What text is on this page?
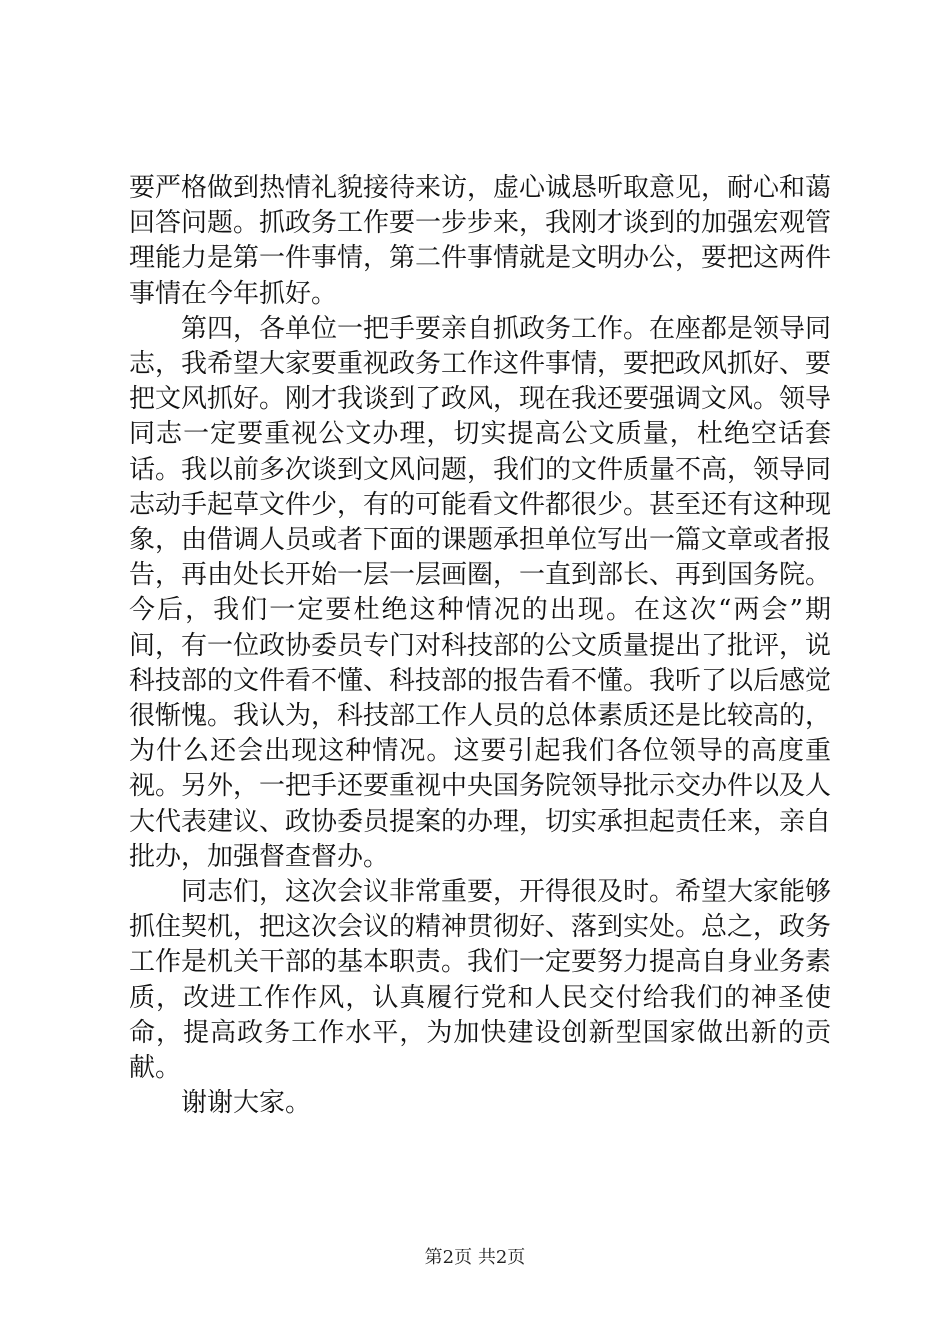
要严格做到热情礼貌接待来访，虚心诚恳听取意见，耐心和蔼回答问题。抓政务工作要一步步来，我刚才谈到的加强宏观管理能力是第一件事情，第二件事情就是文明办公，要把这两件事情在今年抓好。

第四，各单位一把手要亲自抓政务工作。在座都是领导同志，我希望大家要重视政务工作这件事情，要把政风抓好、要把文风抓好。刚才我谈到了政风，现在我还要强调文风。领导同志一定要重视公文办理，切实提高公文质量，杜绝空话套话。我以前多次谈到文风问题，我们的文件质量不高，领导同志动手起草文件少，有的可能看文件都很少。甚至还有这种现象，由借调人员或者下面的课题承担单位写出一篇文章或者报告，再由处长开始一层一层画圈，一直到部长、再到国务院。今后，我们一定要杜绝这种情况的出现。在这次“两会”期间，有一位政协委员专门对科技部的公文质量提出了批评，说科技部的文件看不懂、科技部的报告看不懂。我听了以后感觉很惭愧。我认为，科技部工作人员的总体素质还是比较高的，为什么还会出现这种情况。这要引起我们各位领导的高度重视。另外，一把手还要重视中央国务院领导批示交办件以及人大代表建议、政协委员提案的办理，切实承担起责任来，亲自批办，加强督查督办。

同志们，这次会议非常重要，开得很及时。希望大家能够抓住契机，把这次会议的精神贯彻好、落到实处。总之，政务工作是机关干部的基本职责。我们一定要努力提高自身业务素质，改进工作作风，认真履行党和人民交付给我们的神圣使命，提高政务工作水平，为加快建设创新型国家做出新的贡献。

谢谢大家。

第2页 共2页
